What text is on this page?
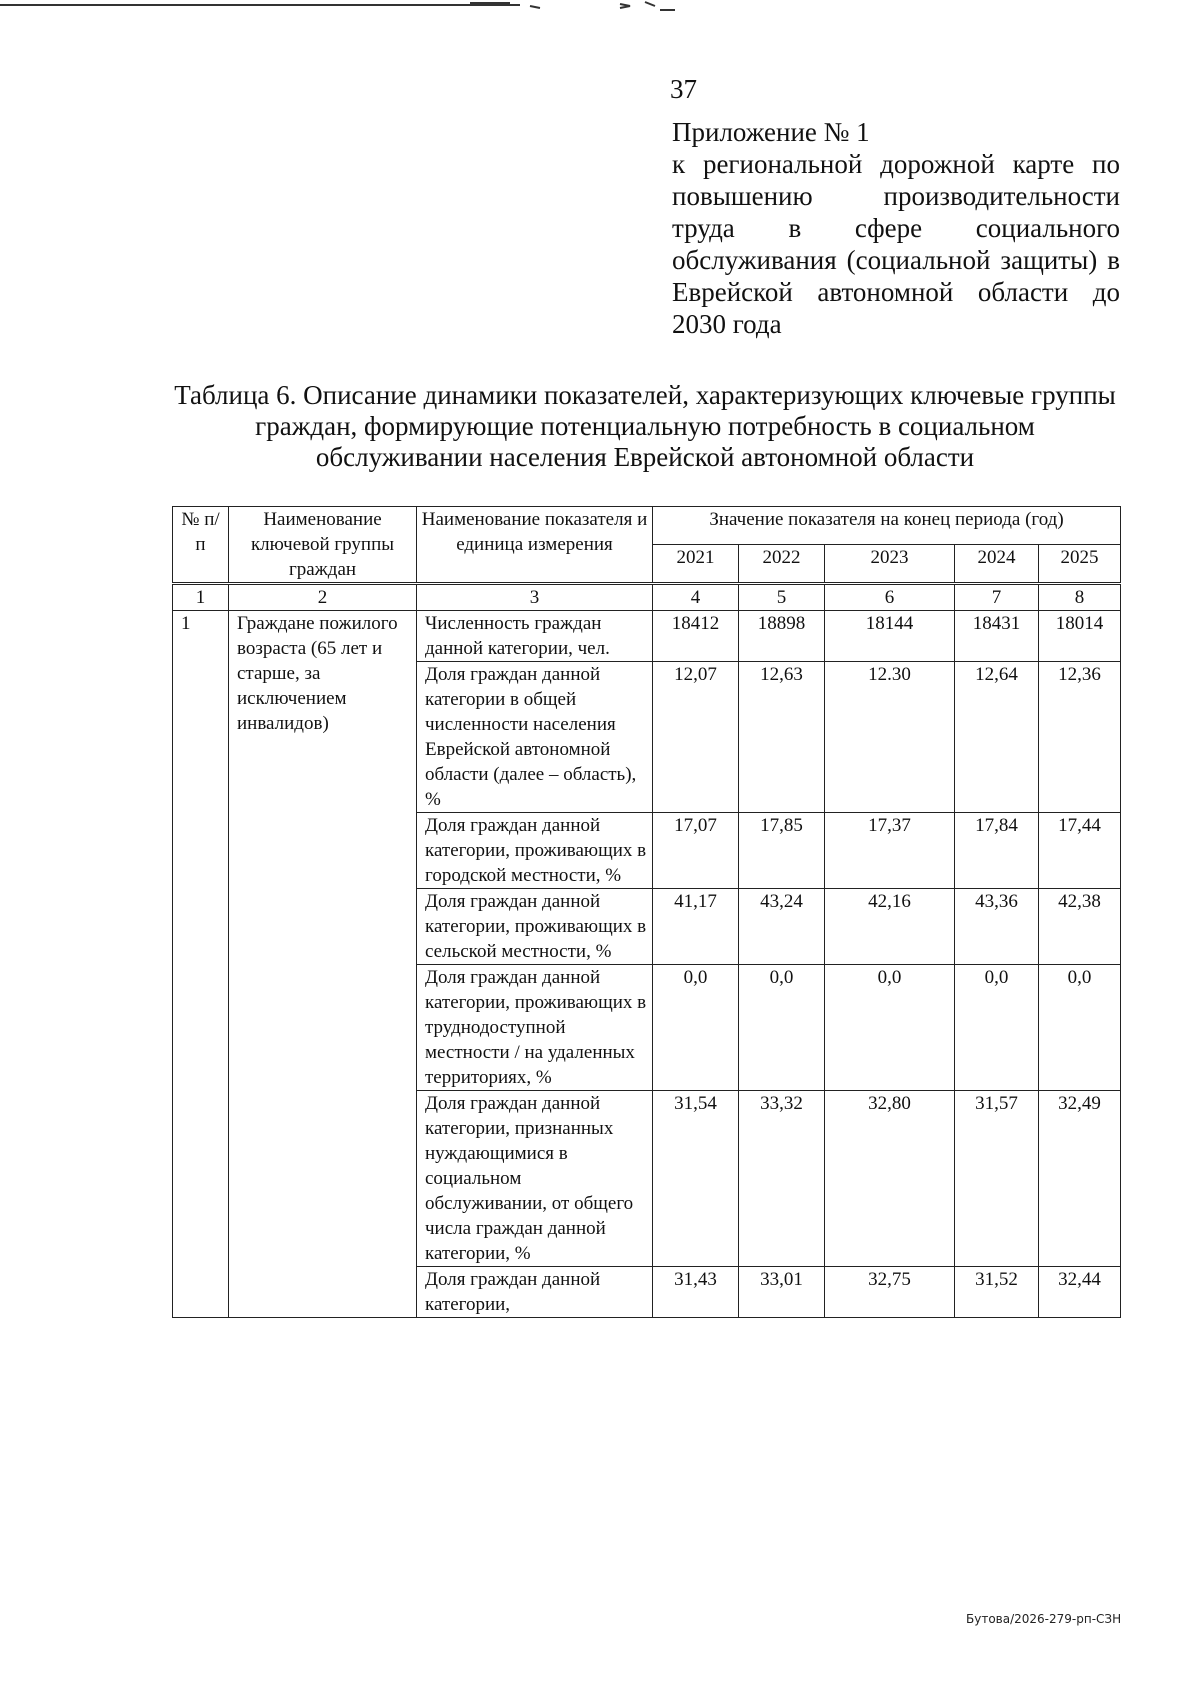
37
Приложение № 1
к региональной дорожной карте по повышению производительности труда в сфере социального обслуживания (социальной защиты) в Еврейской автономной области до 2030 года
Таблица 6. Описание динамики показателей, характеризующих ключевые группы граждан, формирующие потенциальную потребность в социальном обслуживании населения Еврейской автономной области
№ п/п	Наименование ключевой группы граждан	Наименование показателя и единица измерения	Значение показателя на конец периода (год)				
			2021	2022	2023	2024	2025
1	2	3	4	5	6	7	8
1	Граждане пожилого возраста (65 лет и старше, за исключением инвалидов)	Численность граждан данной категории, чел.	18412	18898	18144	18431	18014
		Доля граждан данной категории в общей численности населения Еврейской автономной области (далее – область), %	12,07	12,63	12.30	12,64	12,36
		Доля граждан данной категории, проживающих в городской местности, %	17,07	17,85	17,37	17,84	17,44
		Доля граждан данной категории, проживающих в сельской местности, %	41,17	43,24	42,16	43,36	42,38
		Доля граждан данной категории, проживающих в труднодоступной местности / на удаленных территориях, %	0,0	0,0	0,0	0,0	0,0
		Доля граждан данной категории, признанных нуждающимися в социальном обслуживании, от общего числа граждан данной категории, %	31,54	33,32	32,80	31,57	32,49
		Доля граждан данной категории,	31,43	33,01	32,75	31,52	32,44
Бутова/2026-279-рп-СЗН
